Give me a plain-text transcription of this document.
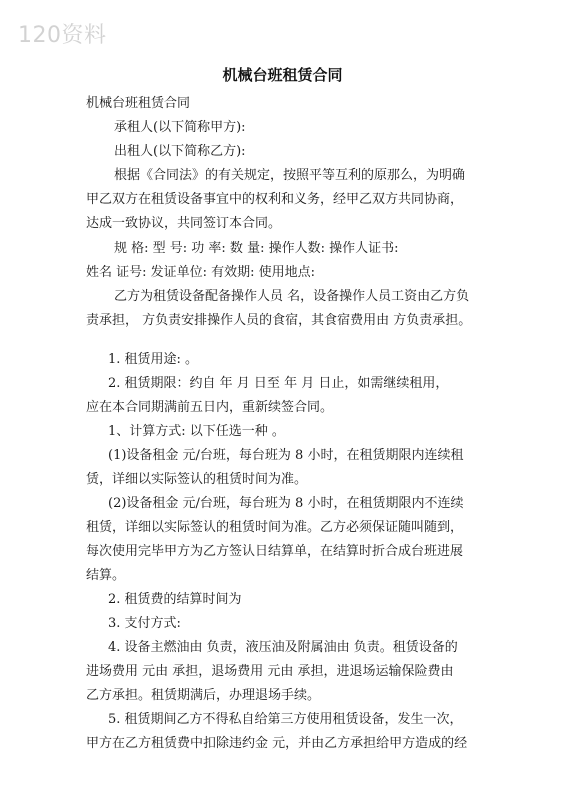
120资料
机械台班租赁合同
机械台班租赁合同
承租人(以下简称甲方):
出租人(以下简称乙方):
根据《合同法》的有关规定，按照平等互利的原那么，为明确
甲乙双方在租赁设备事宜中的权利和义务，经甲乙双方共同协商，
达成一致协议，共同签订本合同。
规 格: 型 号: 功 率: 数 量: 操作人数: 操作人证书:
姓名 证号: 发证单位: 有效期: 使用地点:
乙方为租赁设备配备操作人员 名，设备操作人员工资由乙方负
责承担， 方负责安排操作人员的食宿，其食宿费用由 方负责承担。
1. 租赁用途: 。
2. 租赁期限：约自 年 月 日至 年 月 日止，如需继续租用，
应在本合同期满前五日内，重新续签合同。
1、计算方式: 以下任选一种 。
(1)设备租金 元/台班，每台班为 8 小时，在租赁期限内连续租
赁，详细以实际签认的租赁时间为准。
(2)设备租金 元/台班，每台班为 8 小时，在租赁期限内不连续
租赁，详细以实际签认的租赁时间为准。乙方必须保证随叫随到，
每次使用完毕甲方为乙方签认日结算单，在结算时折合成台班进展
结算。
2. 租赁费的结算时间为
3. 支付方式:
4. 设备主燃油由 负责，液压油及附属油由 负责。租赁设备的
进场费用 元由 承担，退场费用 元由 承担，进退场运输保险费由
乙方承担。租赁期满后，办理退场手续。
5. 租赁期间乙方不得私自给第三方使用租赁设备，发生一次，
甲方在乙方租赁费中扣除违约金 元，并由乙方承担给甲方造成的经
